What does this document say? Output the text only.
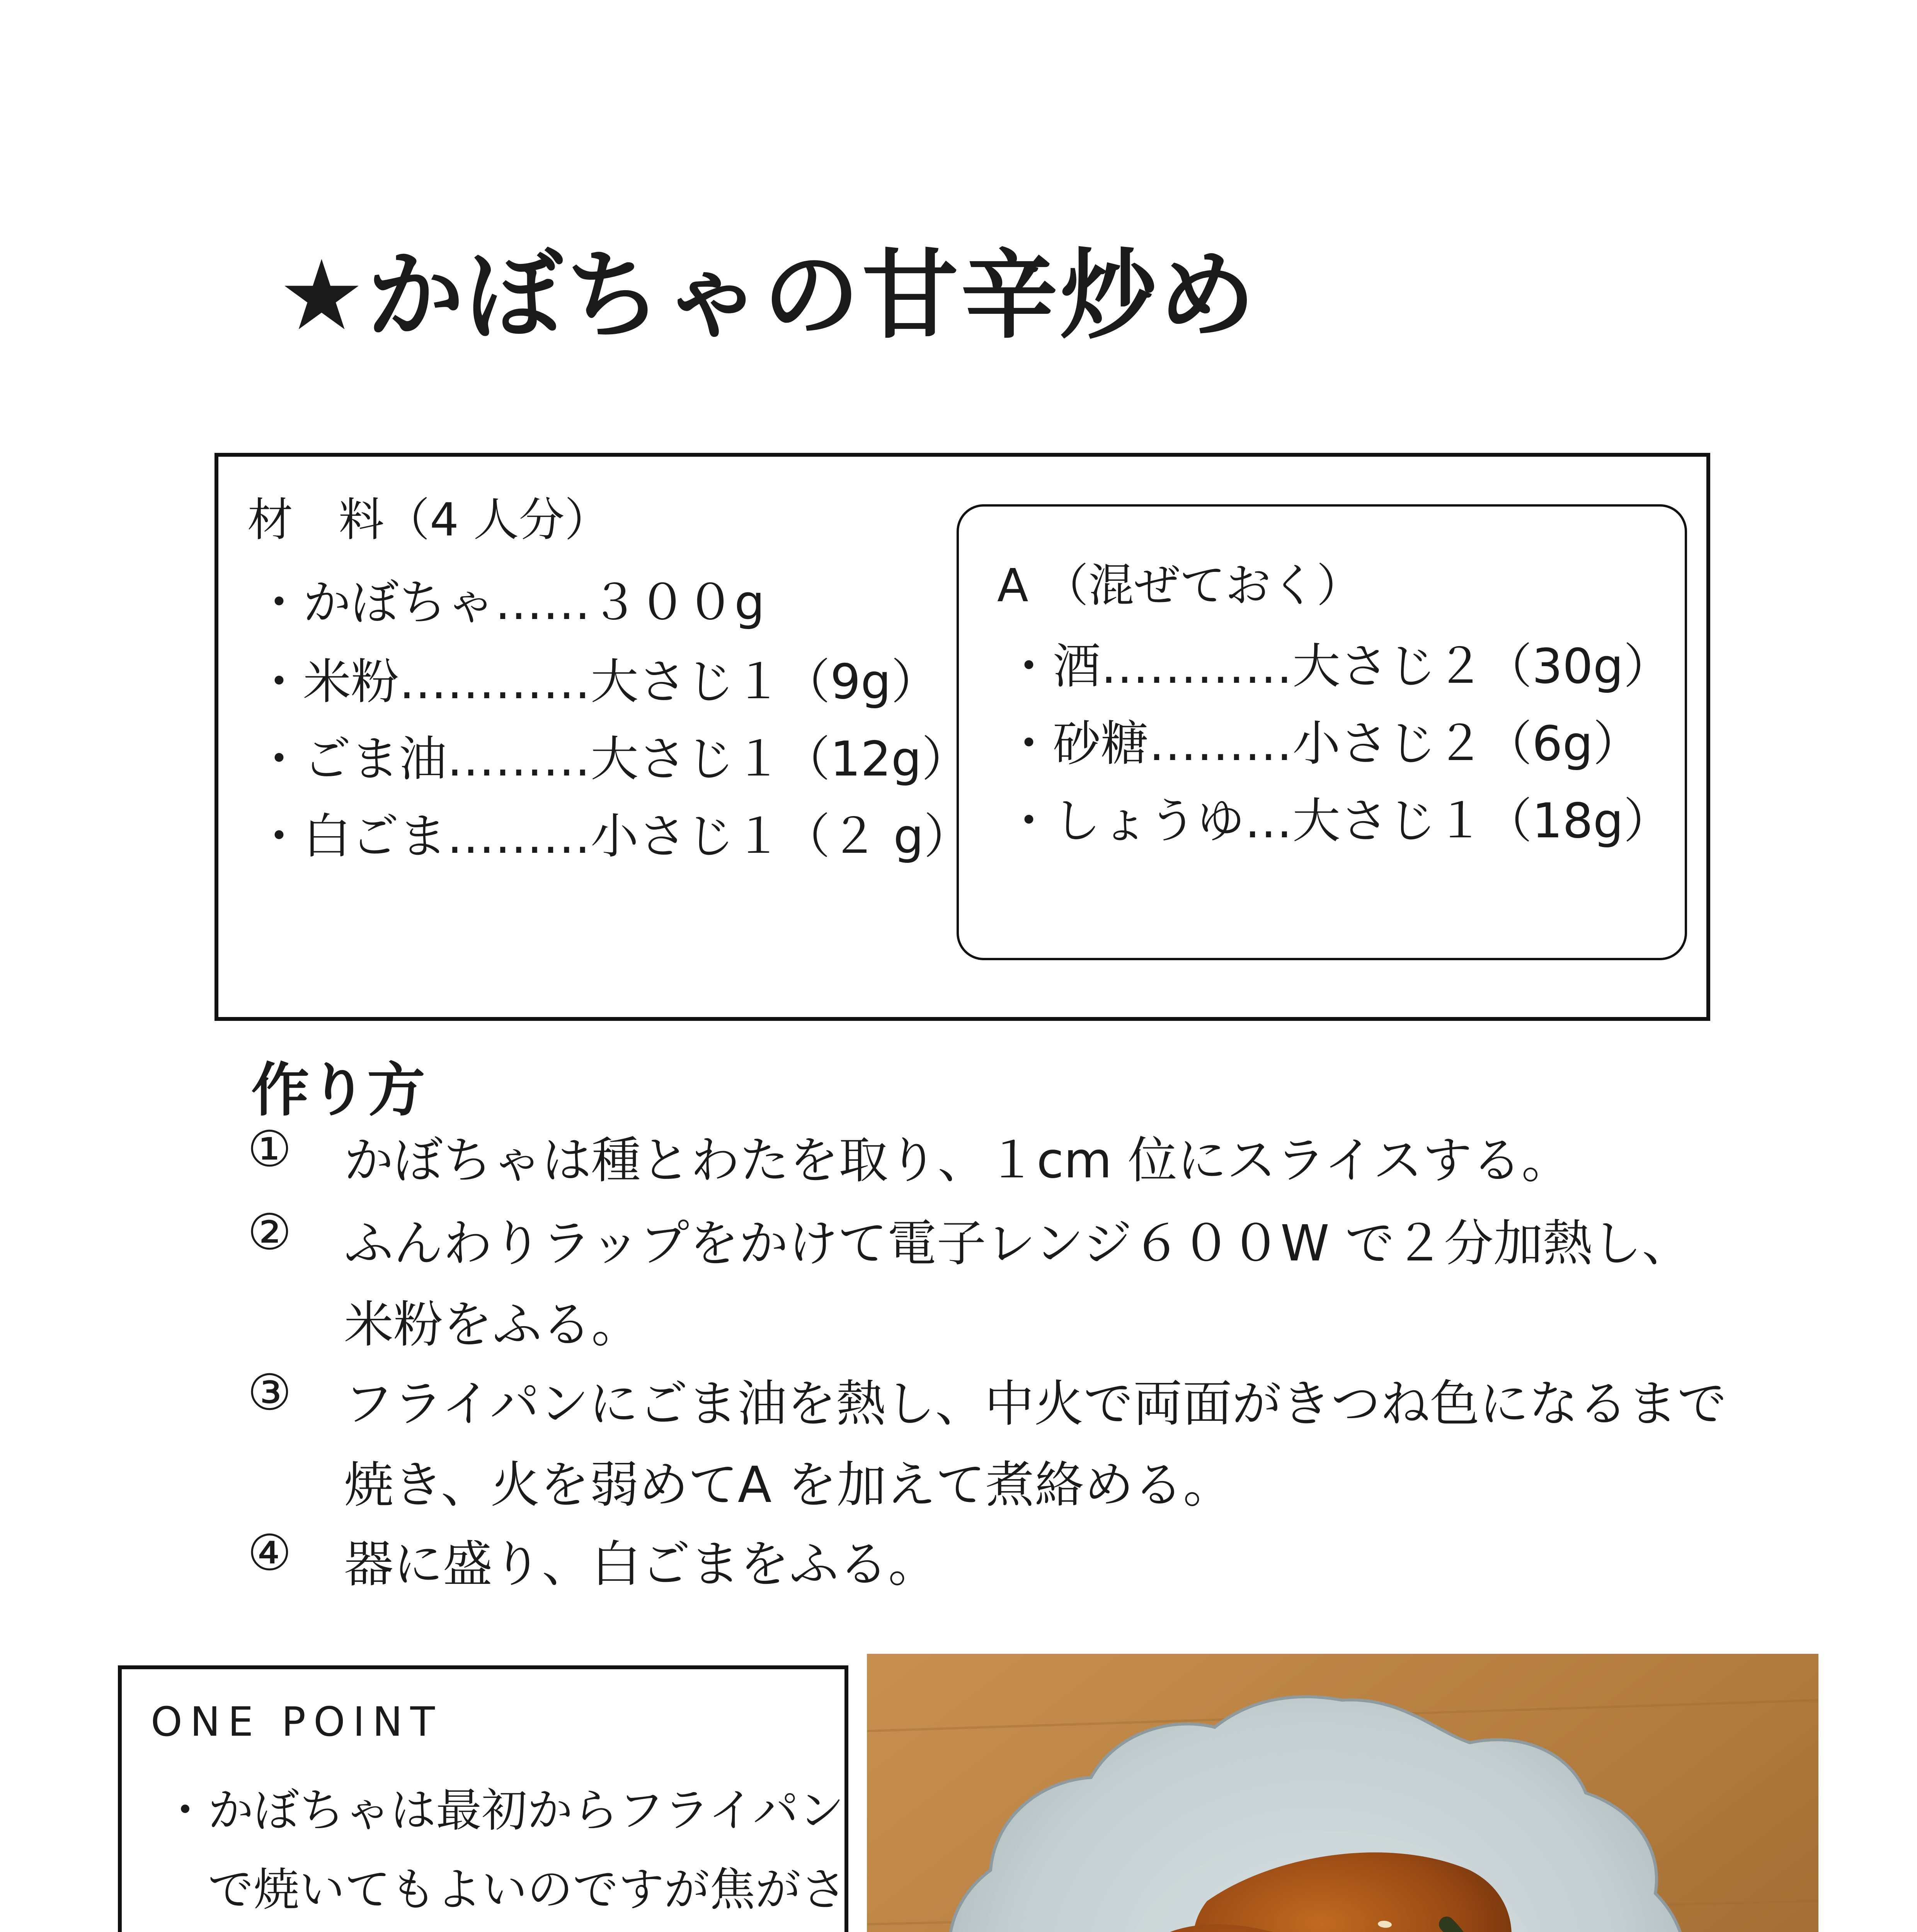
★かぼちゃの甘辛炒め
材　料（4 人分）
・かぼちゃ……３００g
・米粉…………大さじ１（9g）
・ごま油………大さじ１（12g）
・白ごま………小さじ１（２ g）
A （混ぜておく）
・酒…………大さじ２（30g）
・砂糖………小さじ２（6g）
・しょうゆ…大さじ１（18g）
作り方
① かぼちゃは種とわたを取り、１cm 位にスライスする。
② ふんわりラップをかけて電子レンジ６００W で２分加熱し、
米粉をふる。
③ フライパンにごま油を熱し、中火で両面がきつね色になるまで
焼き、火を弱めてA を加えて煮絡める。
④ 器に盛り、白ごまをふる。
ONE POINT
・かぼちゃは最初からフライパン
　で焼いてもよいのですが焦がさ
